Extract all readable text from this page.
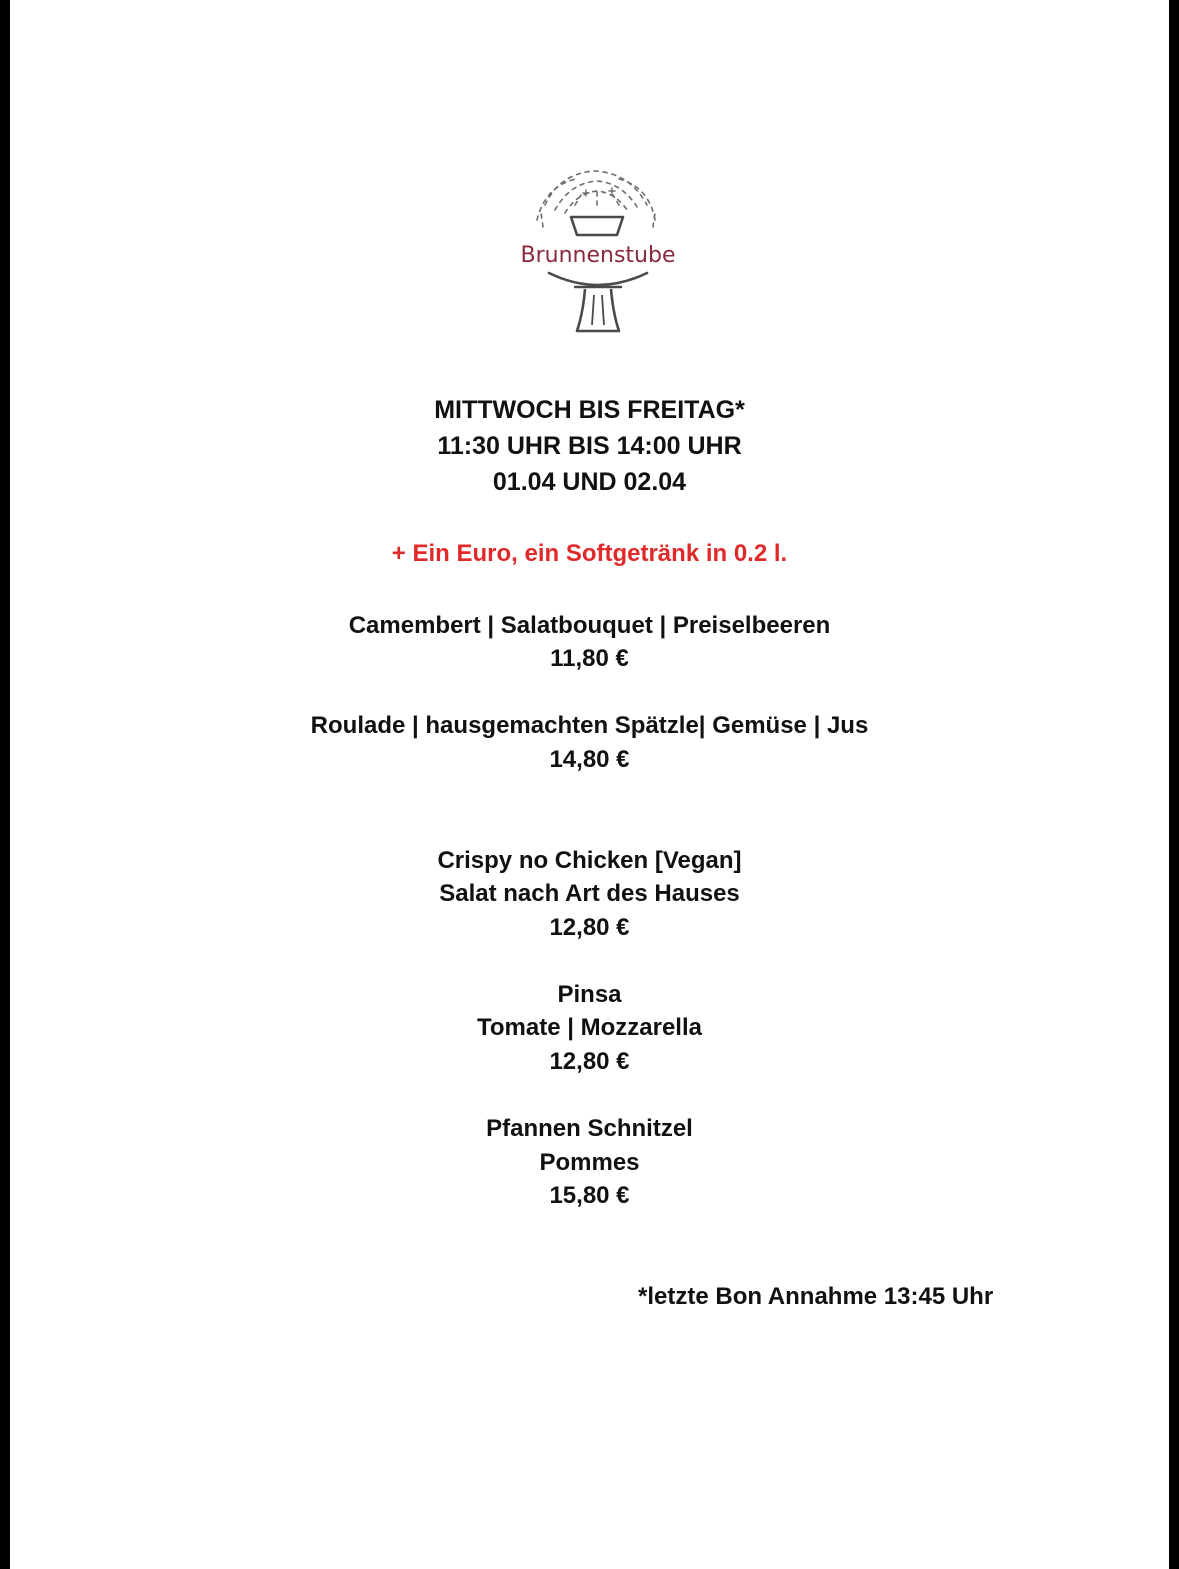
Brunnenstube
MITTWOCH BIS FREITAG*
11:30 UHR BIS 14:00 UHR
01.04 UND 02.04
+ Ein Euro, ein Softgetränk in 0.2 l.
Camembert | Salatbouquet | Preiselbeeren
11,80 €
Roulade | hausgemachten Spätzle| Gemüse | Jus
14,80 €
Crispy no Chicken [Vegan]
Salat nach Art des Hauses
12,80 €
Pinsa
Tomate | Mozzarella
12,80 €
Pfannen Schnitzel
Pommes
15,80 €
*letzte Bon Annahme 13:45 Uhr
